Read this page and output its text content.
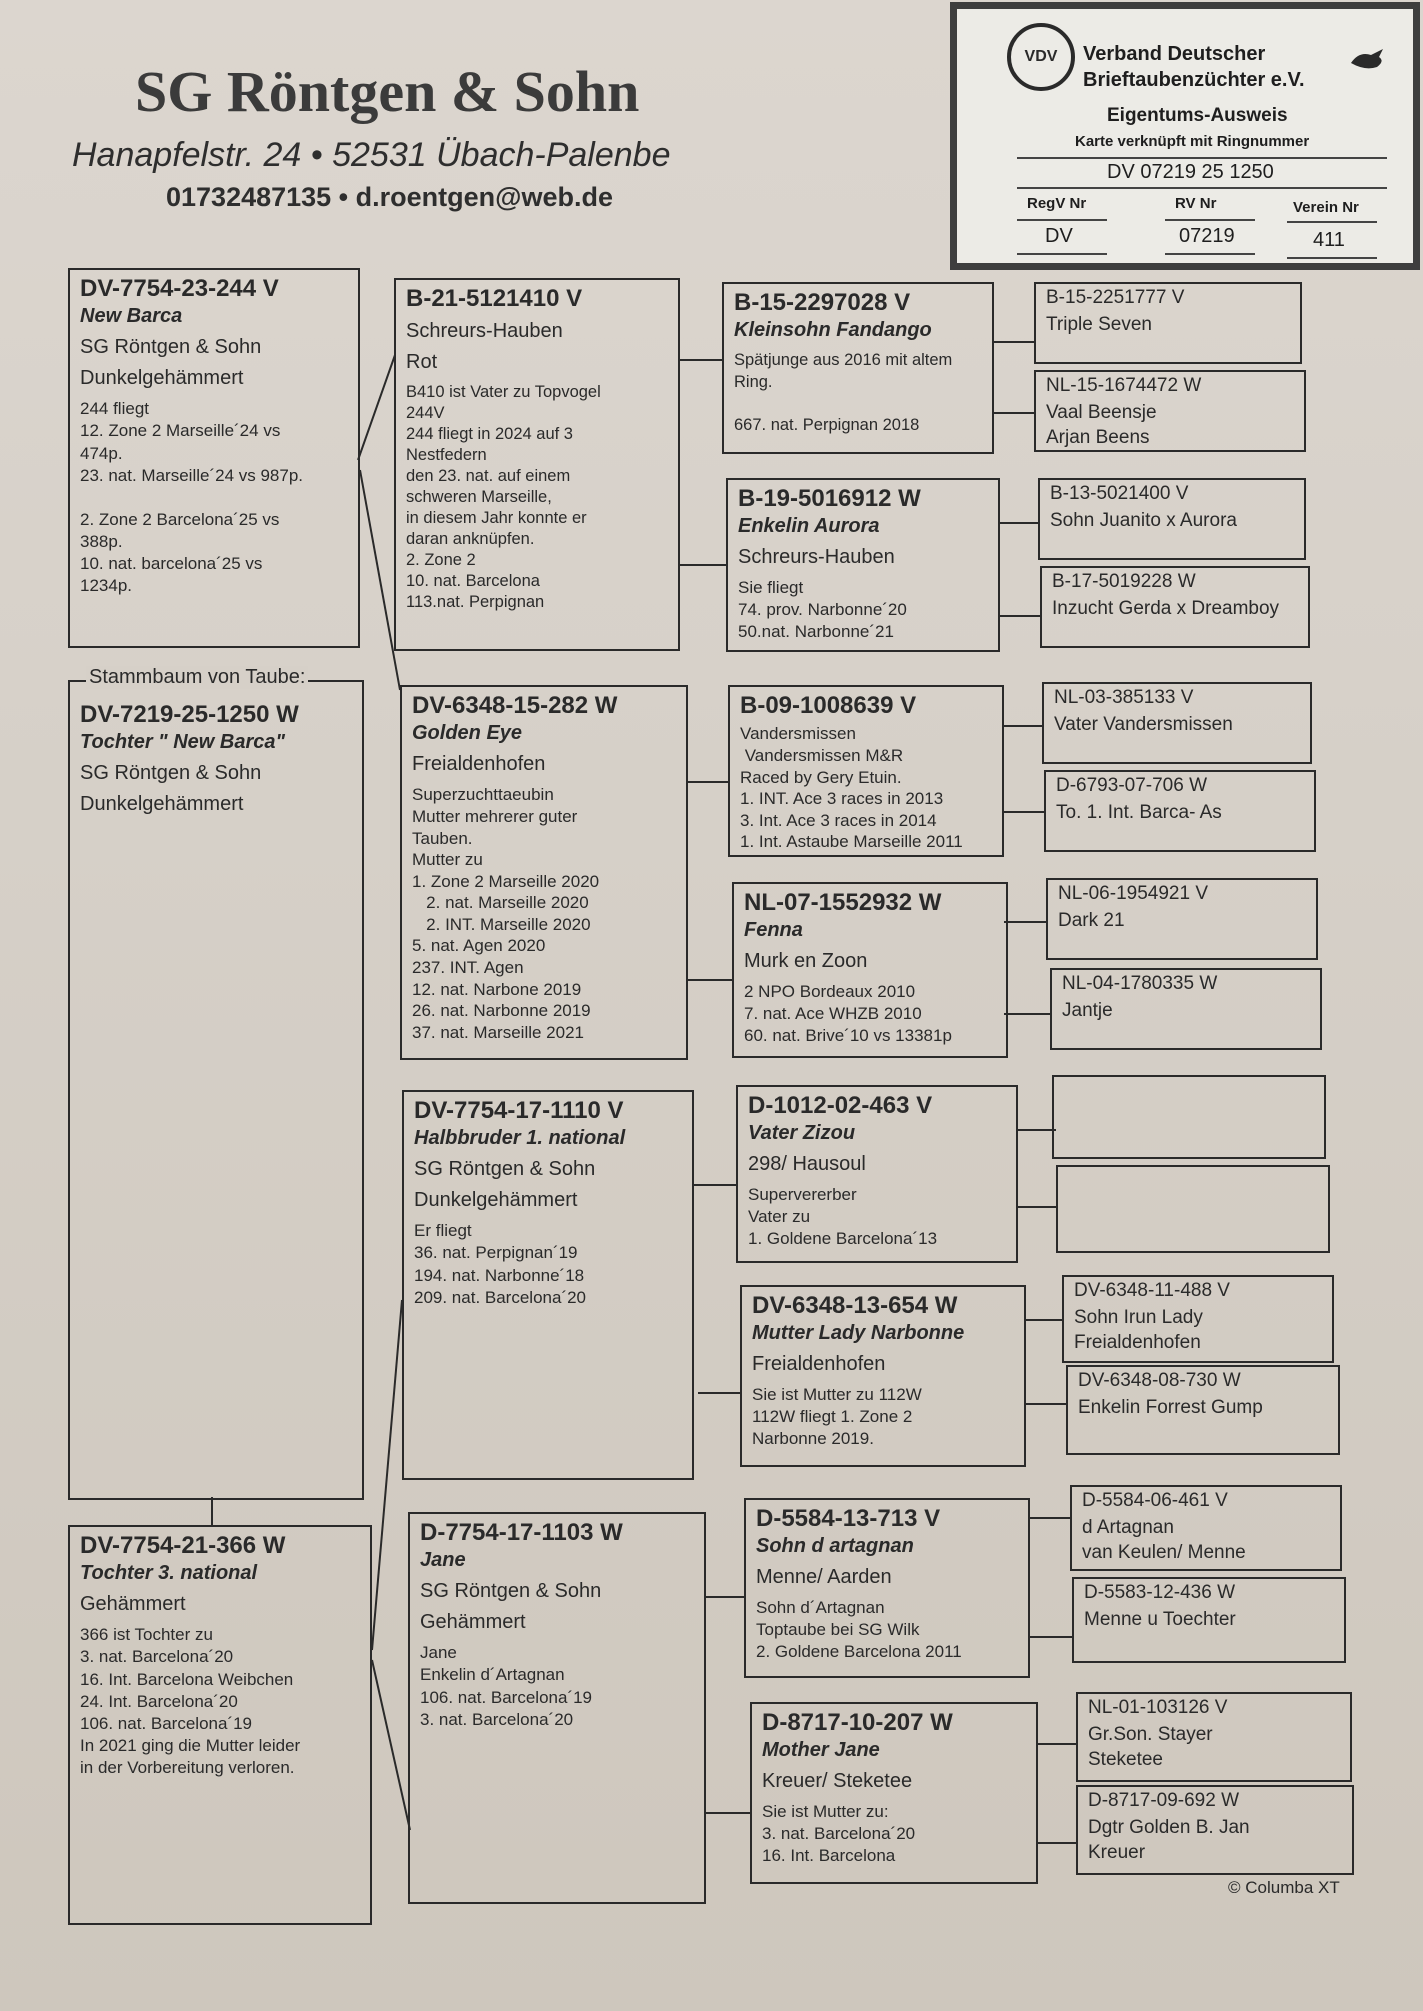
SG Röntgen & Sohn
Hanapfelstr. 24 • 52531 Übach-Palenbe
01732487135 • d.roentgen@web.de
VDV	Verband Deutscher
Brieftaubenzüchter e.V.
Eigentums-Ausweis
Karte verknüpft mit Ringnummer
DV 07219 25 1250
RegV Nr	RV Nr	Verein Nr
DV	07219	411
DV-7754-23-244 V
New Barca
SG Röntgen & Sohn
Dunkelgehämmert
244 fliegt
12. Zone 2 Marseille´24 vs
474p.
23. nat. Marseille´24 vs 987p.

2. Zone 2 Barcelona´25 vs
388p.
10. nat. barcelona´25 vs
1234p.
DV-7219-25-1250 W
Tochter " New Barca"
SG Röntgen & Sohn
Dunkelgehämmert
Stammbaum von Taube:
DV-7754-21-366 W
Tochter 3. national
Gehämmert
366 ist Tochter zu
3. nat. Barcelona´20
16. Int. Barcelona Weibchen
24. Int. Barcelona´20
106. nat. Barcelona´19
In 2021 ging die Mutter leider
in der Vorbereitung verloren.
B-21-5121410 V
Schreurs-Hauben
Rot
B410 ist Vater zu Topvogel
244V
244 fliegt in 2024 auf 3
Nestfedern
den 23. nat. auf einem
schweren Marseille,
in diesem Jahr konnte er
daran anknüpfen.
2. Zone 2
10. nat. Barcelona
113.nat. Perpignan
DV-6348-15-282 W
Golden Eye
Freialdenhofen
Superzuchttaeubin
Mutter mehrerer guter
Tauben.
Mutter zu
1. Zone 2 Marseille 2020
2. nat. Marseille 2020
2. INT. Marseille 2020
5. nat. Agen 2020
237. INT. Agen
12. nat. Narbone 2019
26. nat. Narbonne 2019
37. nat. Marseille 2021
DV-7754-17-1110 V
Halbbruder 1. national
SG Röntgen & Sohn
Dunkelgehämmert
Er fliegt
36. nat. Perpignan´19
194. nat. Narbonne´18
209. nat. Barcelona´20
D-7754-17-1103 W
Jane
SG Röntgen & Sohn
Gehämmert
Jane
Enkelin d´Artagnan
106. nat. Barcelona´19
3. nat. Barcelona´20
B-15-2297028 V
Kleinsohn Fandango
Spätjunge aus 2016 mit altem
Ring.

667. nat. Perpignan 2018
B-19-5016912 W
Enkelin Aurora
Schreurs-Hauben
Sie fliegt
74. prov. Narbonne´20
50.nat. Narbonne´21
B-09-1008639 V
Vandersmissen
Vandersmissen M&R
Raced by Gery Etuin.
1. INT. Ace 3 races in 2013
3. Int. Ace 3 races in 2014
1. Int. Astaube Marseille 2011
NL-07-1552932 W
Fenna
Murk en Zoon
2 NPO Bordeaux 2010
7. nat. Ace WHZB 2010
60. nat. Brive´10 vs 13381p
D-1012-02-463 V
Vater Zizou
298/ Hausoul
Supervererber
Vater zu
1. Goldene Barcelona´13
DV-6348-13-654 W
Mutter Lady Narbonne
Freialdenhofen
Sie ist Mutter zu 112W
112W fliegt 1. Zone 2
Narbonne 2019.
D-5584-13-713 V
Sohn d artagnan
Menne/ Aarden
Sohn d´Artagnan
Toptaube bei SG Wilk
2. Goldene Barcelona 2011
D-8717-10-207 W
Mother Jane
Kreuer/ Steketee
Sie ist Mutter zu:
3. nat. Barcelona´20
16. Int. Barcelona
B-15-2251777 V
Triple Seven
NL-15-1674472 W
Vaal Beensje
Arjan Beens
B-13-5021400 V
Sohn Juanito x Aurora
B-17-5019228 W
Inzucht Gerda x Dreamboy
NL-03-385133 V
Vater Vandersmissen
D-6793-07-706 W
To. 1. Int. Barca- As
NL-06-1954921 V
Dark 21
NL-04-1780335 W
Jantje
DV-6348-11-488 V
Sohn Irun Lady
Freialdenhofen
DV-6348-08-730 W
Enkelin Forrest Gump
D-5584-06-461 V
d Artagnan
van Keulen/ Menne
D-5583-12-436 W
Menne u Toechter
NL-01-103126 V
Gr.Son. Stayer
Steketee
D-8717-09-692 W
Dgtr Golden B. Jan
Kreuer
© Columba XT
